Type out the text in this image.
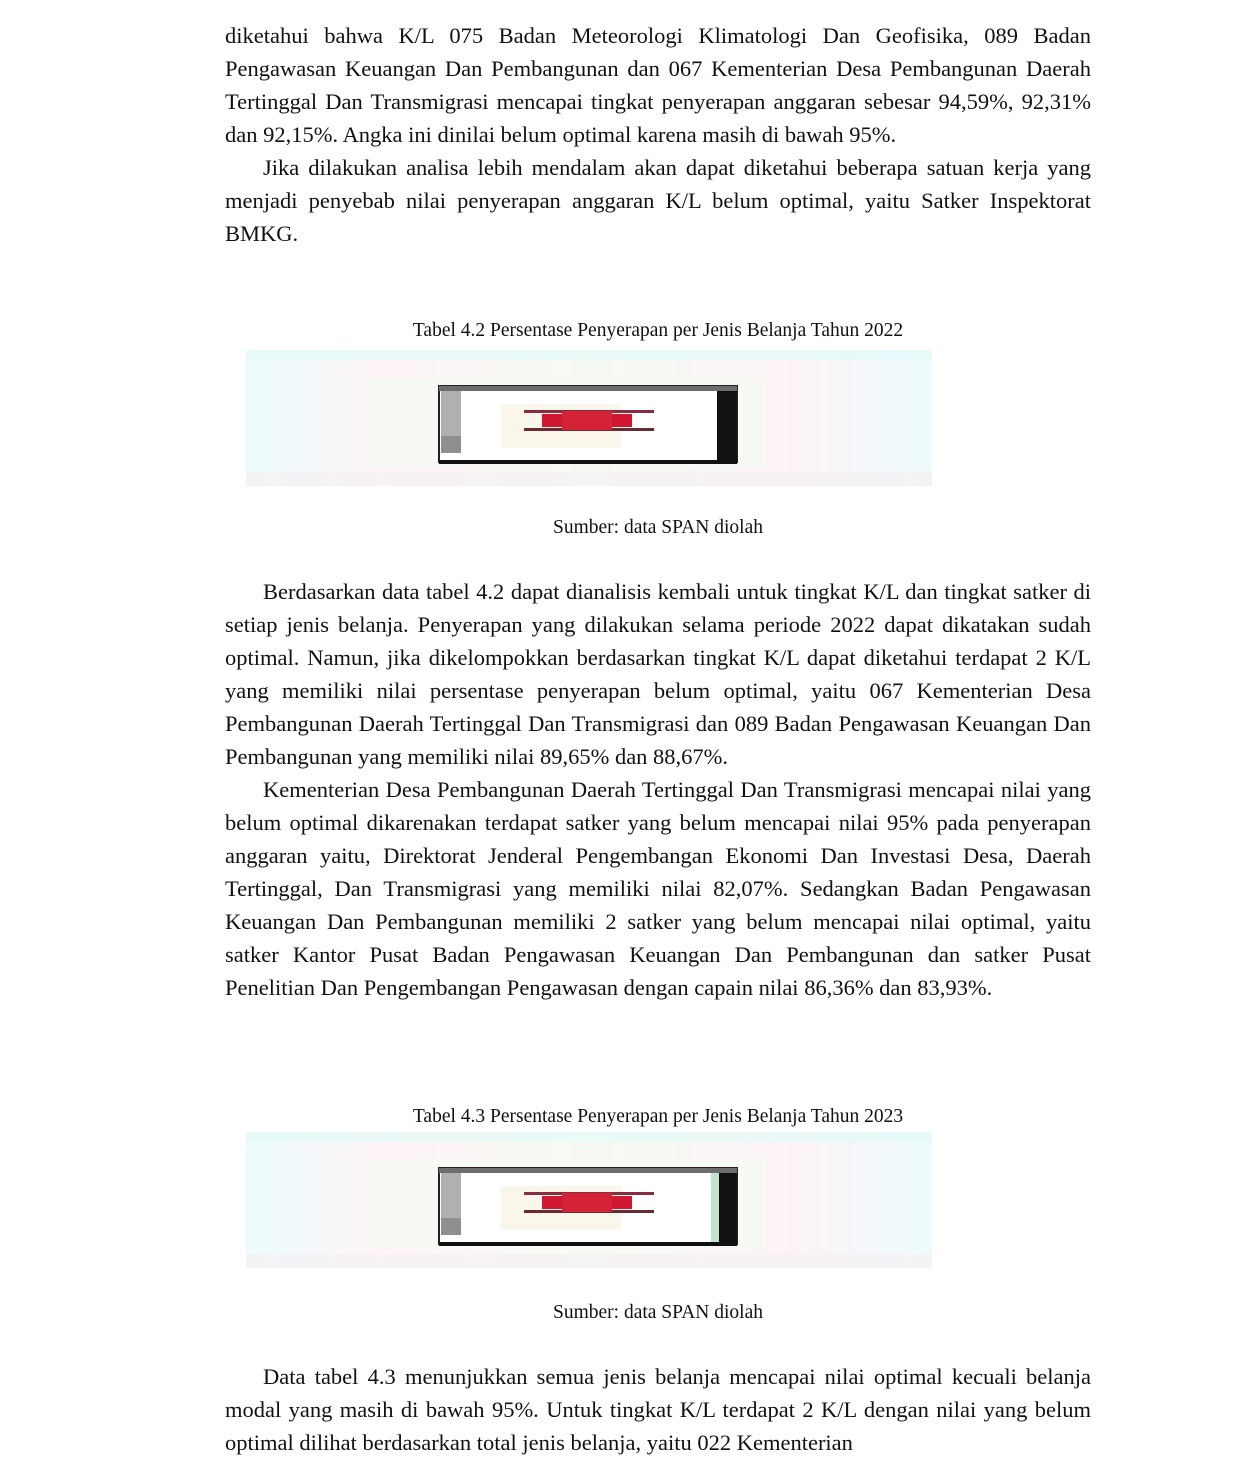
diketahui bahwa K/L 075 Badan Meteorologi Klimatologi Dan Geofisika, 089 Badan Pengawasan Keuangan Dan Pembangunan dan 067 Kementerian Desa Pembangunan Daerah Tertinggal Dan Transmigrasi mencapai tingkat penyerapan anggaran sebesar 94,59%, 92,31% dan 92,15%. Angka ini dinilai belum optimal karena masih di bawah 95%.

Jika dilakukan analisa lebih mendalam akan dapat diketahui beberapa satuan kerja yang menjadi penyebab nilai penyerapan anggaran K/L belum optimal, yaitu Satker Inspektorat BMKG.

Tabel 4.2 Persentase Penyerapan per Jenis Belanja Tahun 2022
Sumber: data SPAN diolah

Berdasarkan data tabel 4.2 dapat dianalisis kembali untuk tingkat K/L dan tingkat satker di setiap jenis belanja. Penyerapan yang dilakukan selama periode 2022 dapat dikatakan sudah optimal. Namun, jika dikelompokkan berdasarkan tingkat K/L dapat diketahui terdapat 2 K/L yang memiliki nilai persentase penyerapan belum optimal, yaitu 067 Kementerian Desa Pembangunan Daerah Tertinggal Dan Transmigrasi dan 089 Badan Pengawasan Keuangan Dan Pembangunan yang memiliki nilai 89,65% dan 88,67%.

Kementerian Desa Pembangunan Daerah Tertinggal Dan Transmigrasi mencapai nilai yang belum optimal dikarenakan terdapat satker yang belum mencapai nilai 95% pada penyerapan anggaran yaitu, Direktorat Jenderal Pengembangan Ekonomi Dan Investasi Desa, Daerah Tertinggal, Dan Transmigrasi yang memiliki nilai 82,07%. Sedangkan Badan Pengawasan Keuangan Dan Pembangunan memiliki 2 satker yang belum mencapai nilai optimal, yaitu satker Kantor Pusat Badan Pengawasan Keuangan Dan Pembangunan dan satker Pusat Penelitian Dan Pengembangan Pengawasan dengan capain nilai 86,36% dan 83,93%.

Tabel 4.3 Persentase Penyerapan per Jenis Belanja Tahun 2023
Sumber: data SPAN diolah

Data tabel 4.3 menunjukkan semua jenis belanja mencapai nilai optimal kecuali belanja modal yang masih di bawah 95%. Untuk tingkat K/L terdapat 2 K/L dengan nilai yang belum optimal dilihat berdasarkan total jenis belanja, yaitu 022 Kementerian
